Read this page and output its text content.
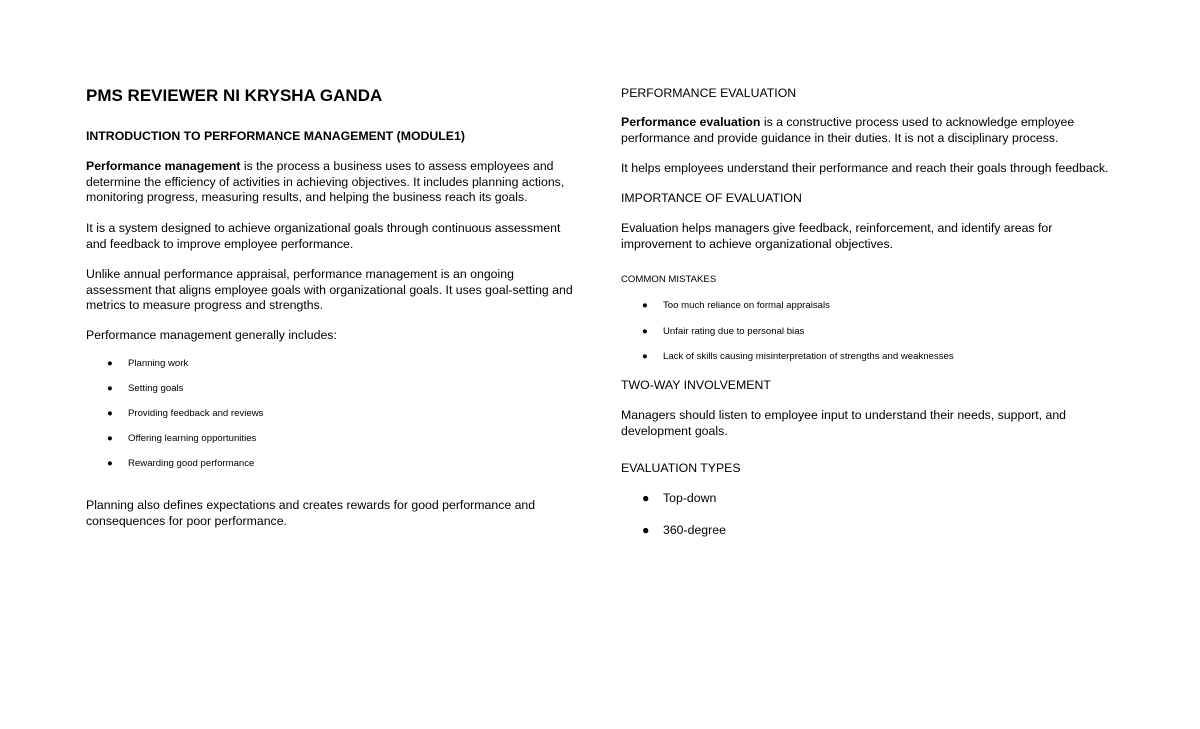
PMS REVIEWER NI KRYSHA GANDA
INTRODUCTION TO PERFORMANCE MANAGEMENT (MODULE1)
Performance management is the process a business uses to assess employees and determine the efficiency of activities in achieving objectives. It includes planning actions, monitoring progress, measuring results, and helping the business reach its goals.
It is a system designed to achieve organizational goals through continuous assessment and feedback to improve employee performance.
Unlike annual performance appraisal, performance management is an ongoing assessment that aligns employee goals with organizational goals. It uses goal-setting and metrics to measure progress and strengths.
Performance management generally includes:
● Planning work
● Setting goals
● Providing feedback and reviews
● Offering learning opportunities
● Rewarding good performance
Planning also defines expectations and creates rewards for good performance and consequences for poor performance.
PERFORMANCE EVALUATION
Performance evaluation is a constructive process used to acknowledge employee performance and provide guidance in their duties. It is not a disciplinary process.
It helps employees understand their performance and reach their goals through feedback.
IMPORTANCE OF EVALUATION
Evaluation helps managers give feedback, reinforcement, and identify areas for improvement to achieve organizational objectives.
COMMON MISTAKES
● Too much reliance on formal appraisals
● Unfair rating due to personal bias
● Lack of skills causing misinterpretation of strengths and weaknesses
TWO-WAY INVOLVEMENT
Managers should listen to employee input to understand their needs, support, and development goals.
EVALUATION TYPES
● Top-down
● 360-degree
